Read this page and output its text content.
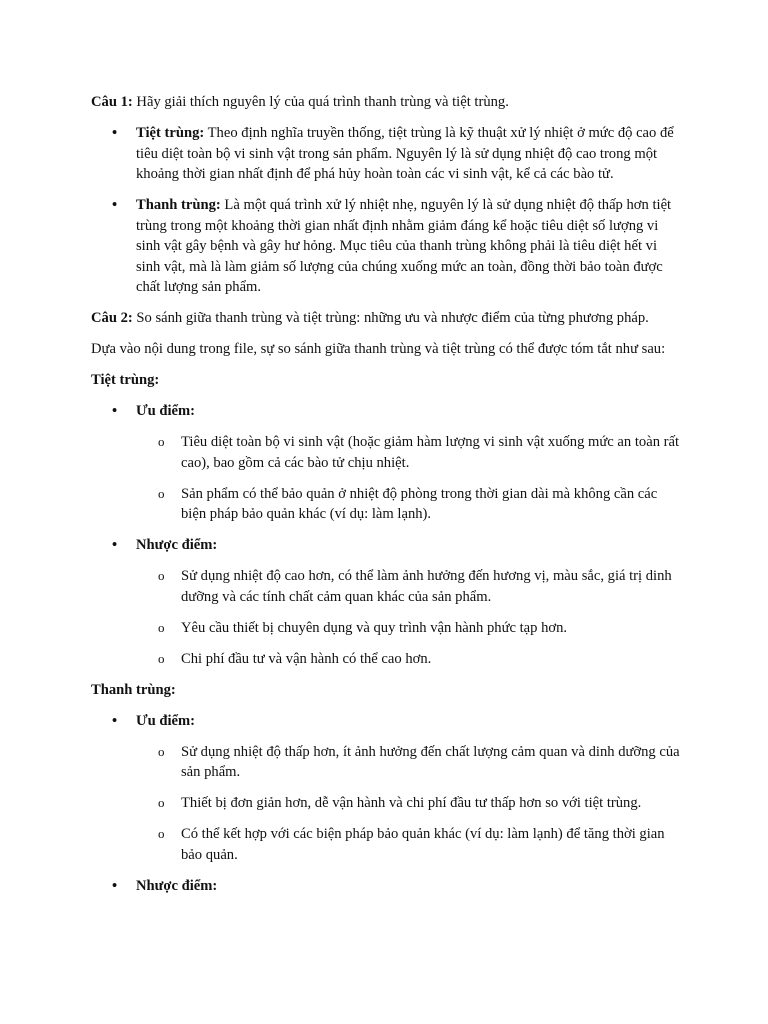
Câu 1: Hãy giải thích nguyên lý của quá trình thanh trùng và tiệt trùng.

• Tiệt trùng: Theo định nghĩa truyền thống, tiệt trùng là kỹ thuật xử lý nhiệt ở mức độ cao để tiêu diệt toàn bộ vi sinh vật trong sản phẩm. Nguyên lý là sử dụng nhiệt độ cao trong một khoảng thời gian nhất định để phá hủy hoàn toàn các vi sinh vật, kể cả các bào tử.
• Thanh trùng: Là một quá trình xử lý nhiệt nhẹ, nguyên lý là sử dụng nhiệt độ thấp hơn tiệt trùng trong một khoảng thời gian nhất định nhằm giảm đáng kể hoặc tiêu diệt số lượng vi sinh vật gây bệnh và gây hư hỏng. Mục tiêu của thanh trùng không phải là tiêu diệt hết vi sinh vật, mà là làm giảm số lượng của chúng xuống mức an toàn, đồng thời bảo toàn được chất lượng sản phẩm.

Câu 2: So sánh giữa thanh trùng và tiệt trùng: những ưu và nhược điểm của từng phương pháp.

Dựa vào nội dung trong file, sự so sánh giữa thanh trùng và tiệt trùng có thể được tóm tắt như sau:

Tiệt trùng:

• Ưu điểm:
o Tiêu diệt toàn bộ vi sinh vật (hoặc giảm hàm lượng vi sinh vật xuống mức an toàn rất cao), bao gồm cả các bào tử chịu nhiệt.
o Sản phẩm có thể bảo quản ở nhiệt độ phòng trong thời gian dài mà không cần các biện pháp bảo quản khác (ví dụ: làm lạnh).
• Nhược điểm:
o Sử dụng nhiệt độ cao hơn, có thể làm ảnh hưởng đến hương vị, màu sắc, giá trị dinh dưỡng và các tính chất cảm quan khác của sản phẩm.
o Yêu cầu thiết bị chuyên dụng và quy trình vận hành phức tạp hơn.
o Chi phí đầu tư và vận hành có thể cao hơn.

Thanh trùng:

• Ưu điểm:
o Sử dụng nhiệt độ thấp hơn, ít ảnh hưởng đến chất lượng cảm quan và dinh dưỡng của sản phẩm.
o Thiết bị đơn giản hơn, dễ vận hành và chi phí đầu tư thấp hơn so với tiệt trùng.
o Có thể kết hợp với các biện pháp bảo quản khác (ví dụ: làm lạnh) để tăng thời gian bảo quản.
• Nhược điểm:
